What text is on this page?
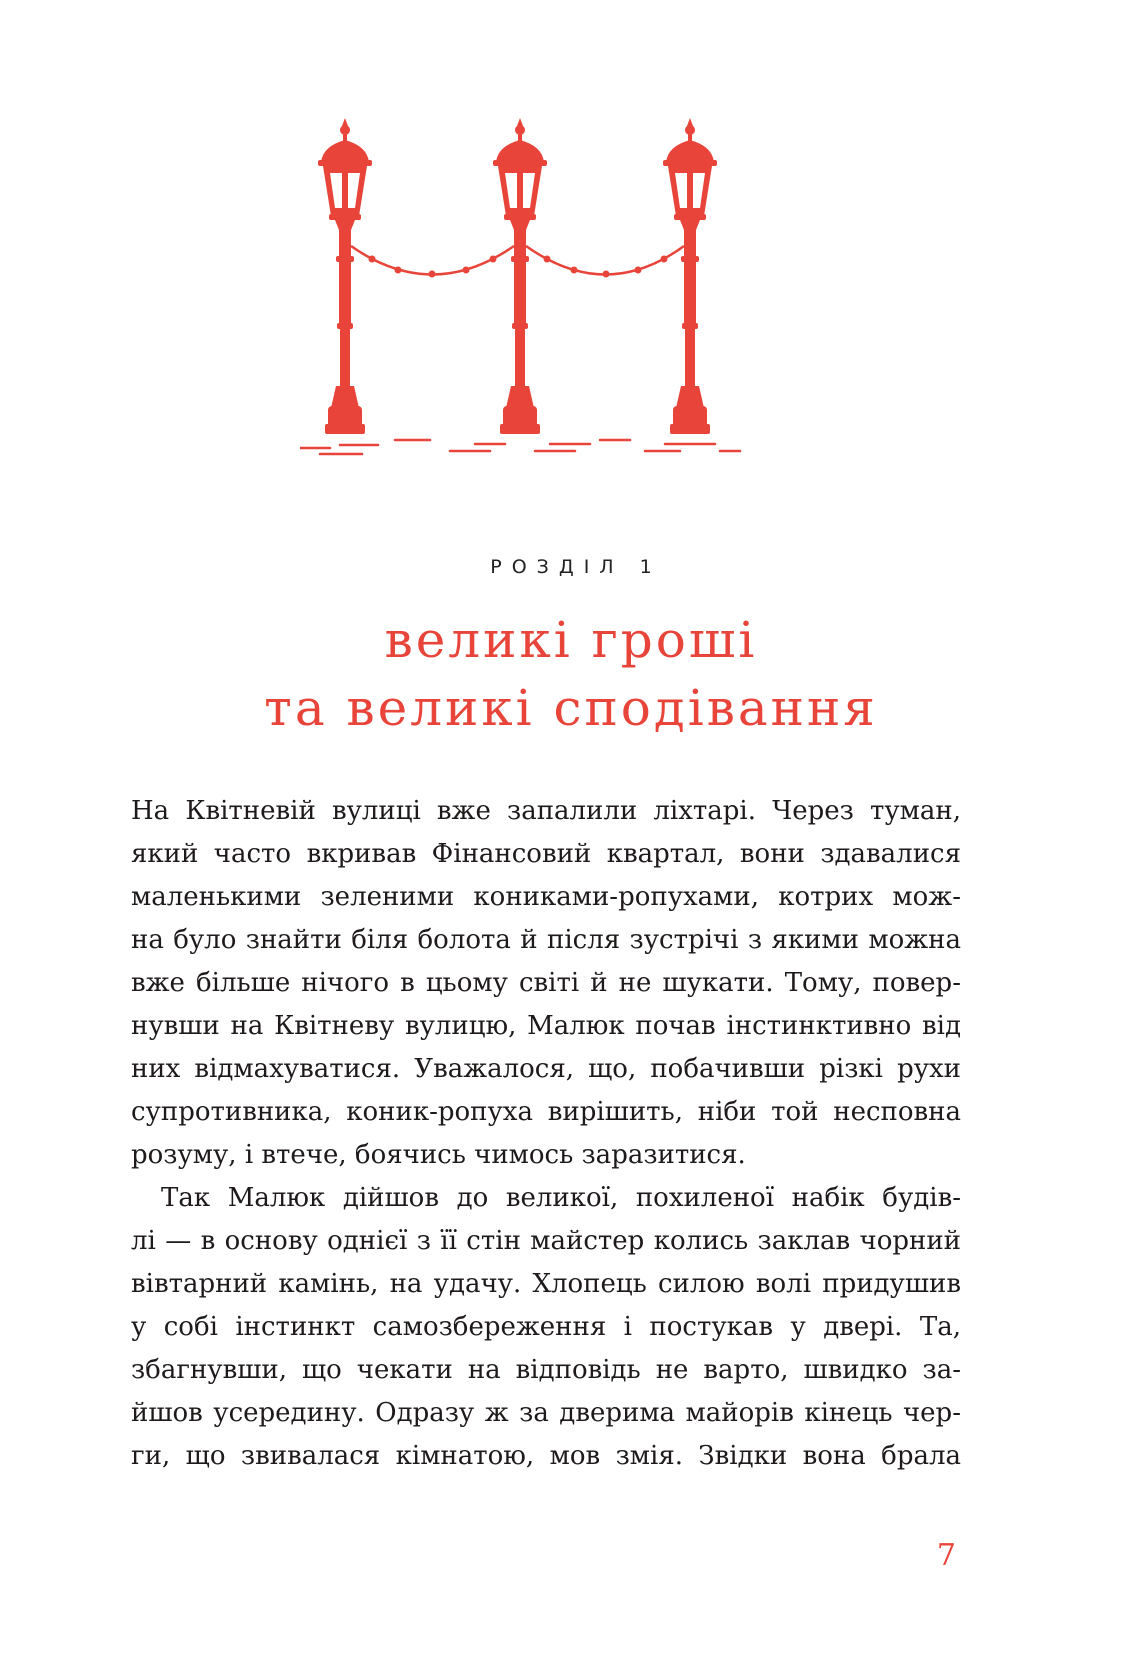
РОЗДІЛ 1
великі гроші
та великі сподівання
На Квітневій вулиці вже запалили ліхтарі. Через туман,
який часто вкривав Фінансовий квартал, вони здавалися
маленькими зеленими кониками-ропухами, котрих мож-
на було знайти біля болота й після зустрічі з якими можна
вже більше нічого в цьому світі й не шукати. Тому, повер-
нувши на Квітневу вулицю, Малюк почав інстинктивно від
них відмахуватися. Уважалося, що, побачивши різкі рухи
супротивника, коник-ропуха вирішить, ніби той несповна
розуму, і втече, боячись чимось заразитися.
Так Малюк дійшов до великої, похиленої набік будів-
лі — в основу однієї з її стін майстер колись заклав чорний
вівтарний камінь, на удачу. Хлопець силою волі придушив
у собі інстинкт самозбереження і постукав у двері. Та,
збагнувши, що чекати на відповідь не варто, швидко за-
йшов усередину. Одразу ж за дверима майорів кінець чер-
ги, що звивалася кімнатою, мов змія. Звідки вона брала
7
